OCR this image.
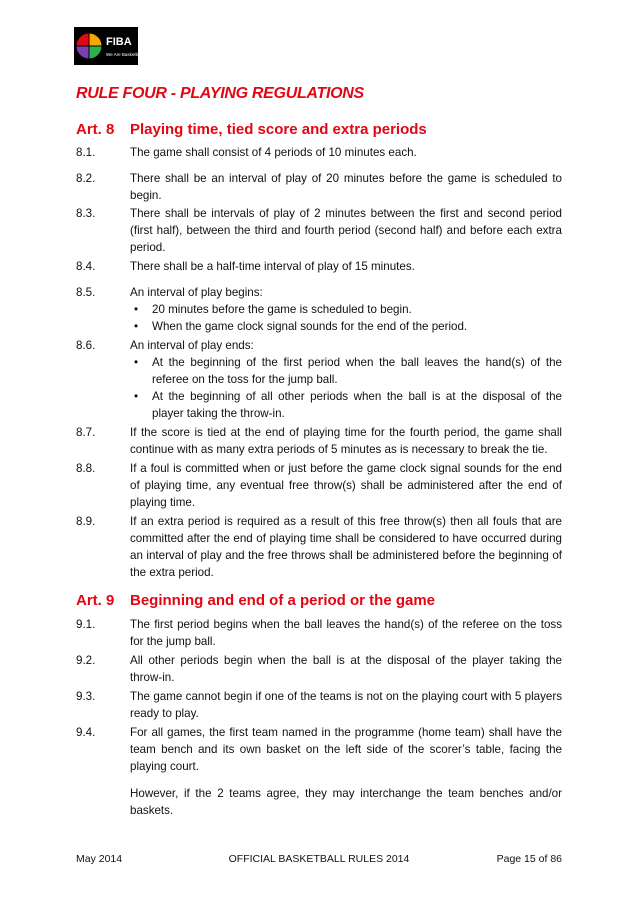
FIBA
We Are Basketball
RULE FOUR - PLAYING REGULATIONS
Art. 8 Playing time, tied score and extra periods
8.1.	The game shall consist of 4 periods of 10 minutes each.
8.2.	There shall be an interval of play of 20 minutes before the game is scheduled to begin.
8.3.	There shall be intervals of play of 2 minutes between the first and second period (first half), between the third and fourth period (second half) and before each extra period.
8.4.	There shall be a half-time interval of play of 15 minutes.
8.5.	An interval of play begins:
• 20 minutes before the game is scheduled to begin.
• When the game clock signal sounds for the end of the period.
8.6.	An interval of play ends:
• At the beginning of the first period when the ball leaves the hand(s) of the referee on the toss for the jump ball.
• At the beginning of all other periods when the ball is at the disposal of the player taking the throw-in.
8.7.	If the score is tied at the end of playing time for the fourth period, the game shall continue with as many extra periods of 5 minutes as is necessary to break the tie.
8.8.	If a foul is committed when or just before the game clock signal sounds for the end of playing time, any eventual free throw(s) shall be administered after the end of playing time.
8.9.	If an extra period is required as a result of this free throw(s) then all fouls that are committed after the end of playing time shall be considered to have occurred during an interval of play and the free throws shall be administered before the beginning of the extra period.
Art. 9 Beginning and end of a period or the game
9.1.	The first period begins when the ball leaves the hand(s) of the referee on the toss for the jump ball.
9.2.	All other periods begin when the ball is at the disposal of the player taking the throw-in.
9.3.	The game cannot begin if one of the teams is not on the playing court with 5 players ready to play.
9.4.	For all games, the first team named in the programme (home team) shall have the team bench and its own basket on the left side of the scorer’s table, facing the playing court.
However, if the 2 teams agree, they may interchange the team benches and/or baskets.
OFFICIAL BASKETBALL RULES 2014
May 2014	Page 15 of 86
